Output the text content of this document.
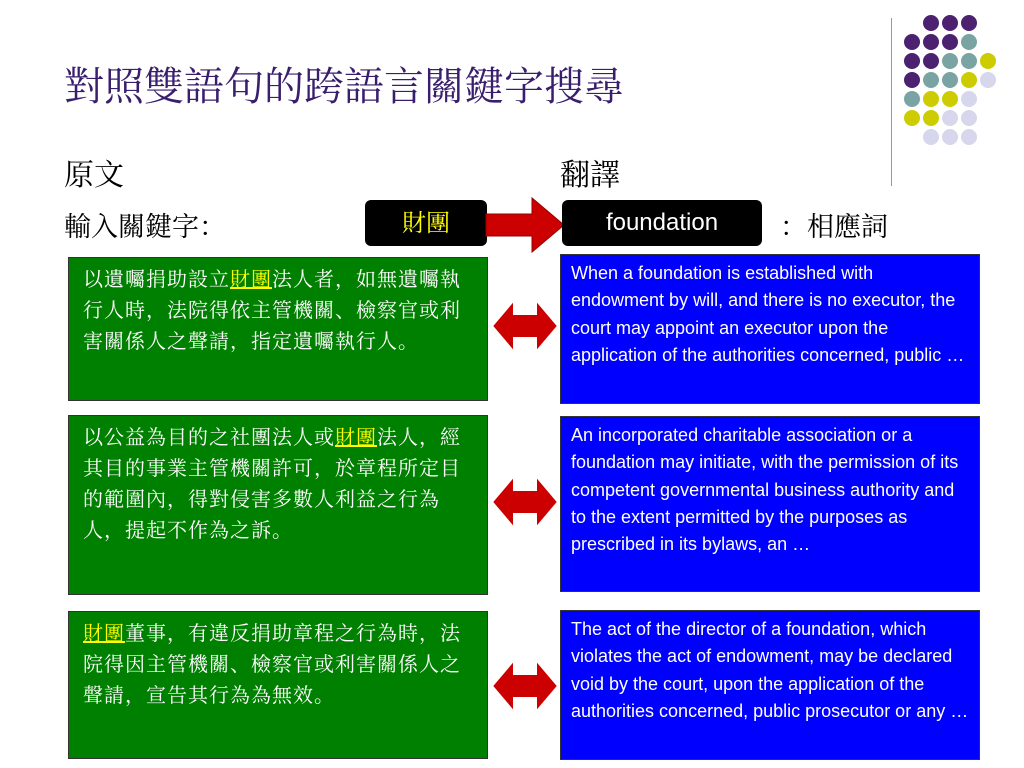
對照雙語句的跨語言關鍵字搜尋
原文	翻譯
輸入關鍵字：	財團	foundation	：相應詞
以遺囑捐助設立財團法人者，如無遺囑執行人時，法院得依主管機關、檢察官或利害關係人之聲請，指定遺囑執行人。
When a foundation is established with endowment by will, and there is no executor, the court may appoint an executor upon the application of the authorities concerned, public …
以公益為目的之社團法人或財團法人，經其目的事業主管機關許可，於章程所定目的範圍內，得對侵害多數人利益之行為人，提起不作為之訴。
An incorporated charitable association or a foundation may initiate, with the permission of its competent governmental business authority and to the extent permitted by the purposes as prescribed in its bylaws, an …
財團董事，有違反捐助章程之行為時，法院得因主管機關、檢察官或利害關係人之聲請，宣告其行為為無效。
The act of the director of a foundation, which violates the act of endowment, may be declared void by the court, upon the application of the authorities concerned, public prosecutor or any …
